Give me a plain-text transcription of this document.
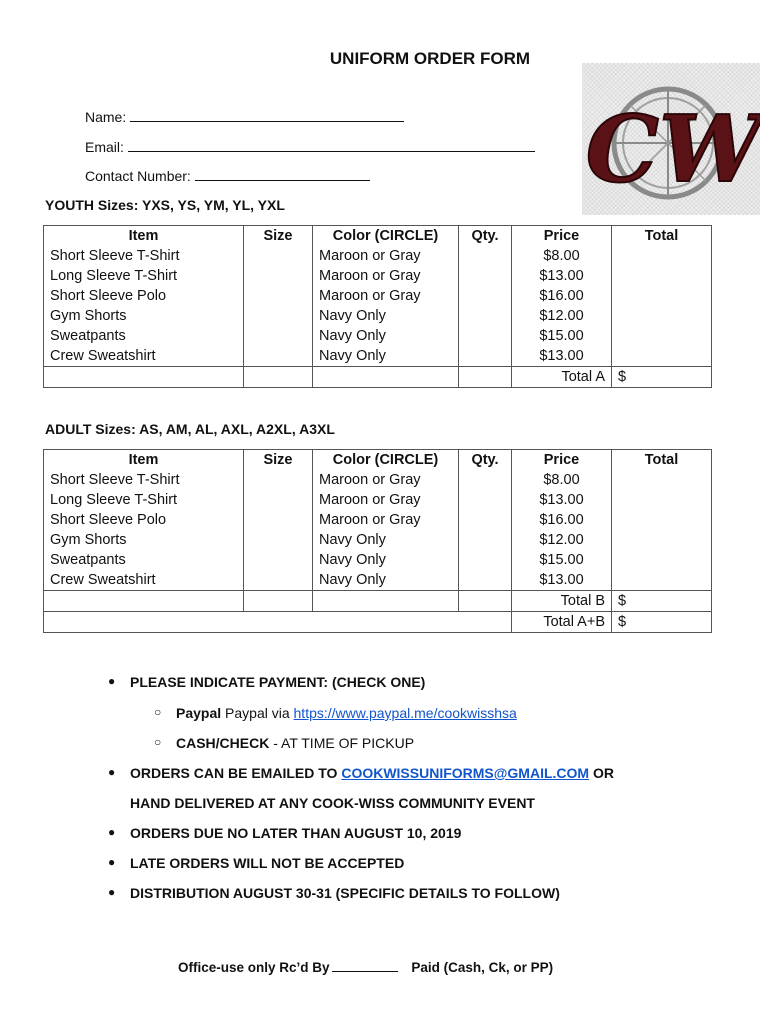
UNIFORM ORDER FORM
Name:
Email:
Contact Number:	CW
YOUTH Sizes: YXS, YS, YM, YL, YXL
Item	Size	Color (CIRCLE)	Qty.	Price	Total
Short Sleeve T-Shirt		Maroon or Gray		$8.00	
Long Sleeve T-Shirt		Maroon or Gray		$13.00	
Short Sleeve Polo		Maroon or Gray		$16.00	
Gym Shorts		Navy Only		$12.00	
Sweatpants		Navy Only		$15.00	
Crew Sweatshirt		Navy Only		$13.00	
				Total A	$
ADULT Sizes: AS, AM, AL, AXL, A2XL, A3XL
Item	Size	Color (CIRCLE)	Qty.	Price	Total
Short Sleeve T-Shirt		Maroon or Gray		$8.00	
Long Sleeve T-Shirt		Maroon or Gray		$13.00	
Short Sleeve Polo		Maroon or Gray		$16.00	
Gym Shorts		Navy Only		$12.00	
Sweatpants		Navy Only		$15.00	
Crew Sweatshirt		Navy Only		$13.00	
				Total B	$
				Total A+B	$
● PLEASE INDICATE PAYMENT: (CHECK ONE)
○ Paypal Paypal via https://www.paypal.me/cookwisshsa
○ CASH/CHECK - AT TIME OF PICKUP
● ORDERS CAN BE EMAILED TO COOKWISSUNIFORMS@GMAIL.COM OR
HAND DELIVERED AT ANY COOK-WISS COMMUNITY EVENT
● ORDERS DUE NO LATER THAN AUGUST 10, 2019
● LATE ORDERS WILL NOT BE ACCEPTED
● DISTRIBUTION AUGUST 30-31 (SPECIFIC DETAILS TO FOLLOW)
Office-use only Rc’d By	Paid (Cash, Ck, or PP)
